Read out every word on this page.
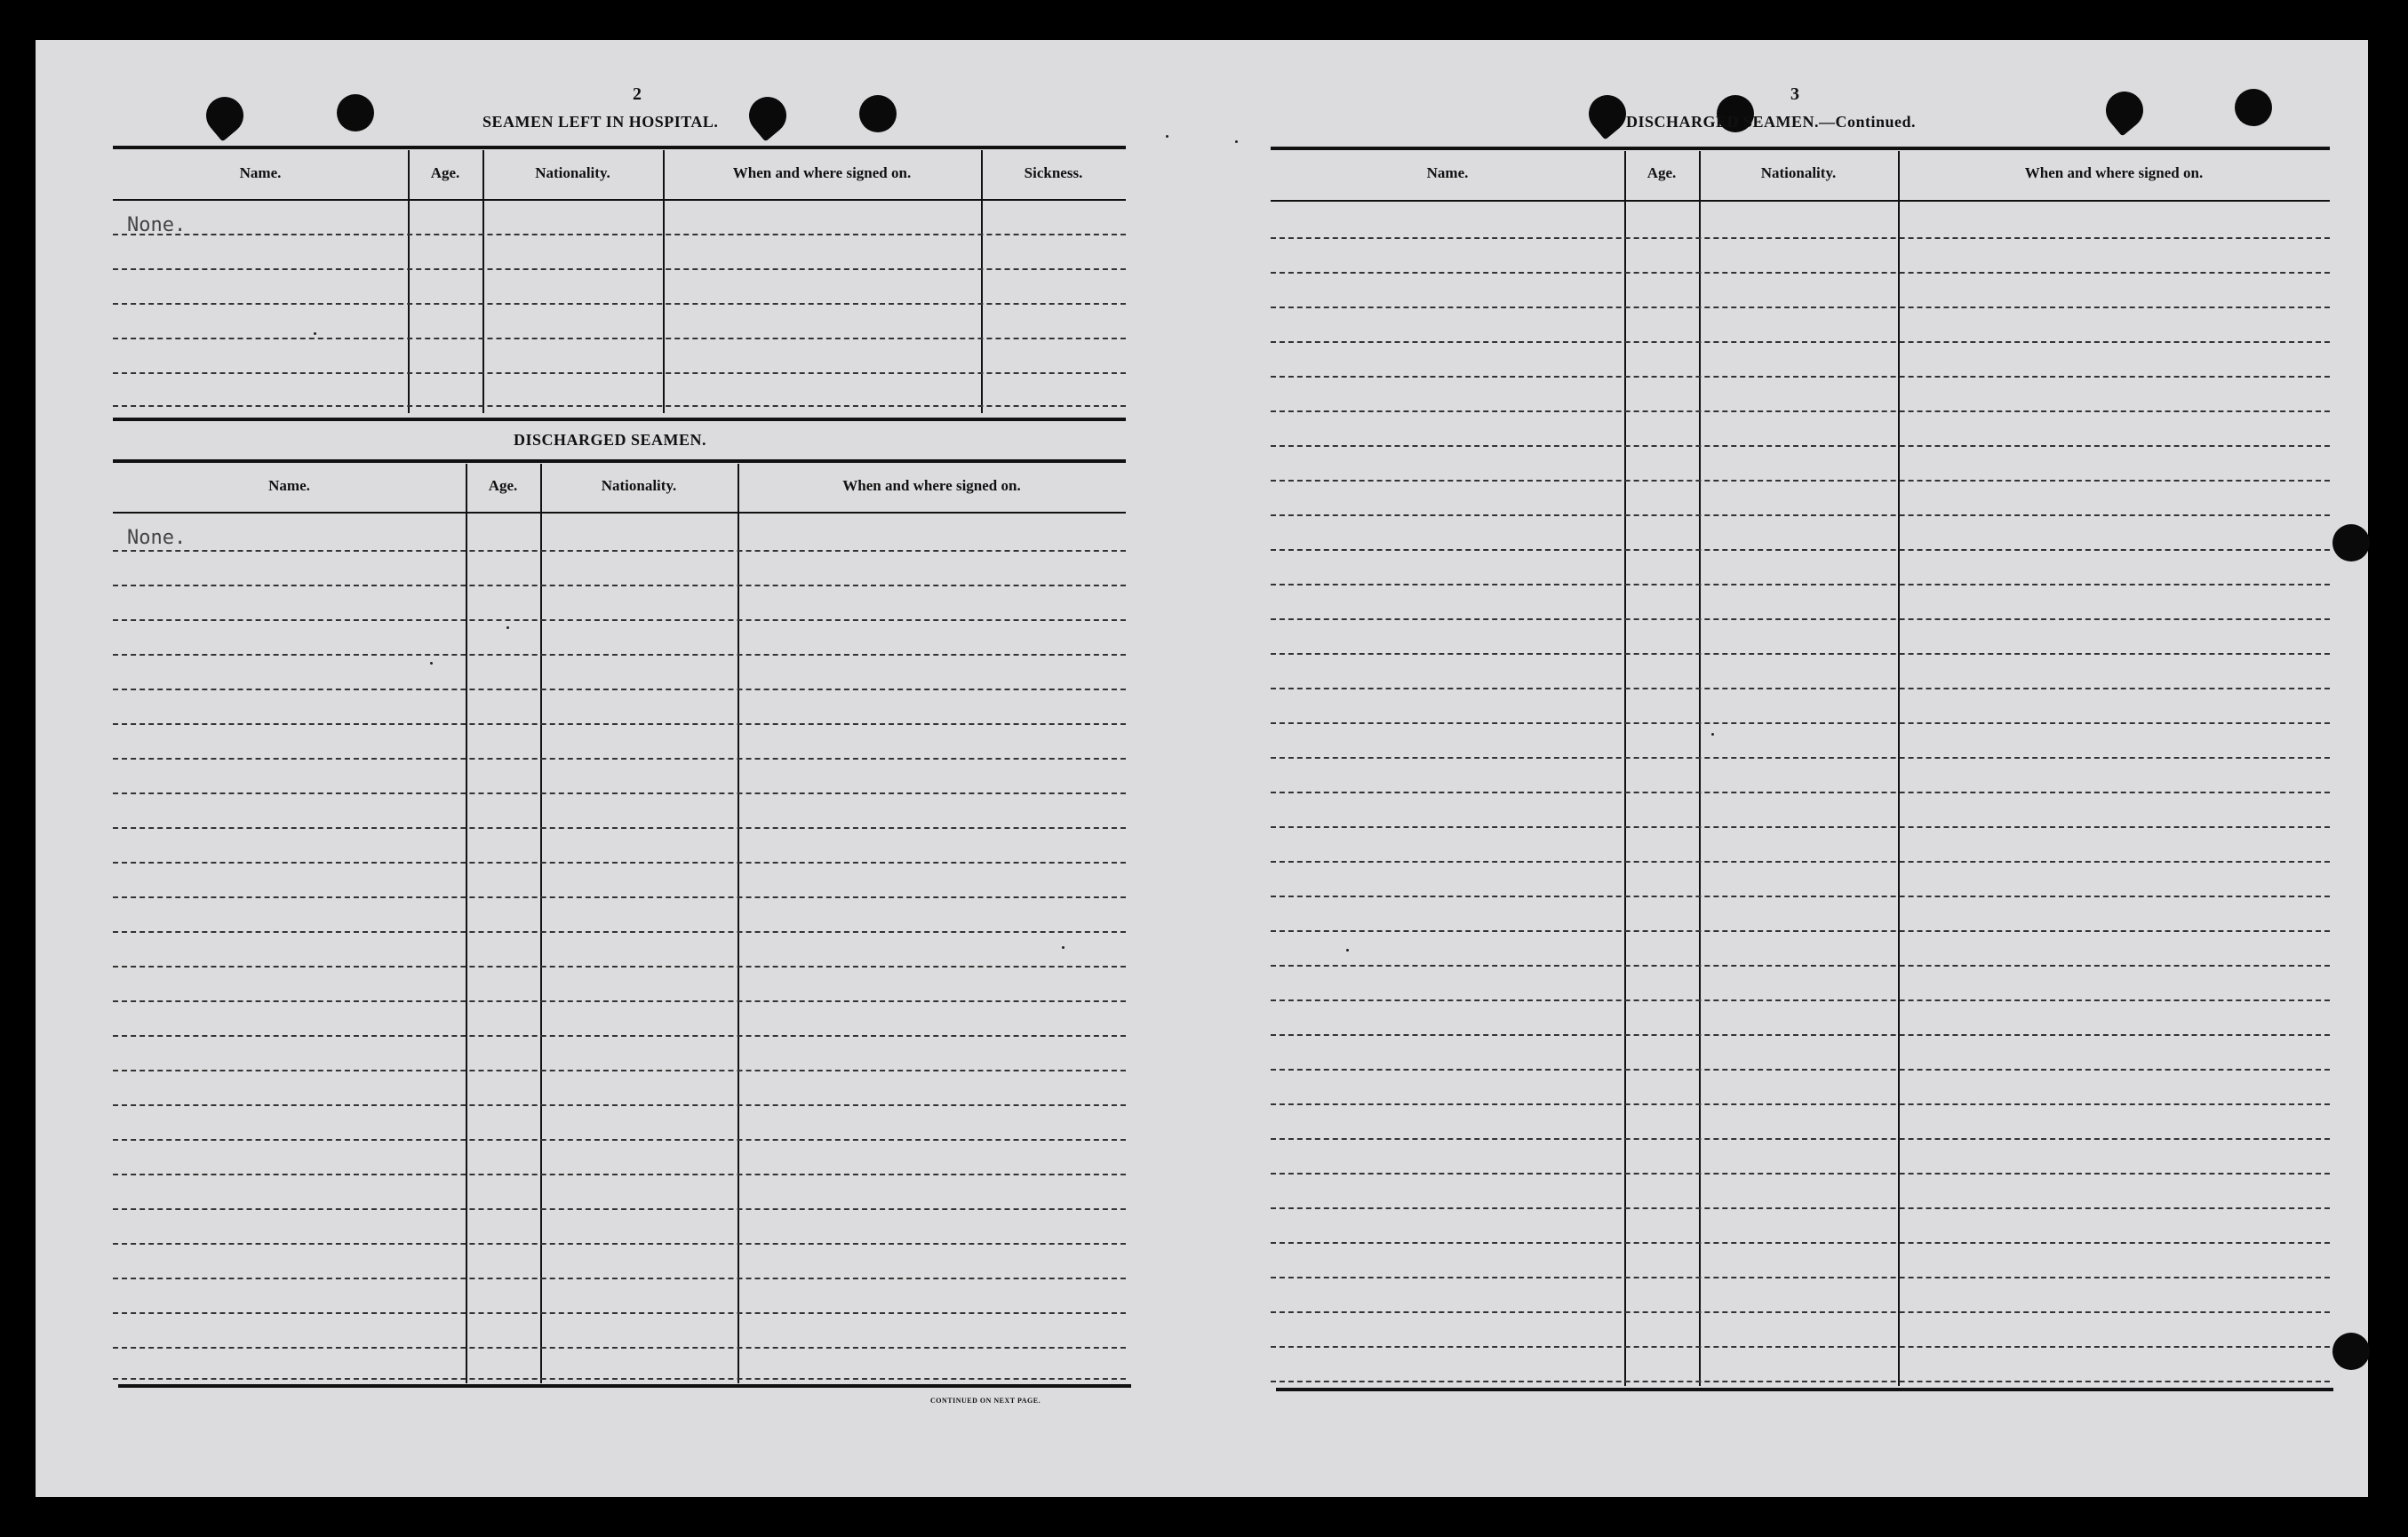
2
SEAMEN LEFT IN HOSPITAL.
Name.	Age.	Nationality.	When and where signed on.	Sickness.
None.
DISCHARGED SEAMEN.
Name.	Age.	Nationality.	When and where signed on.
None.
CONTINUED ON NEXT PAGE.
3
DISCHARGED SEAMEN.—Continued.
Name.	Age.	Nationality.	When and where signed on.
